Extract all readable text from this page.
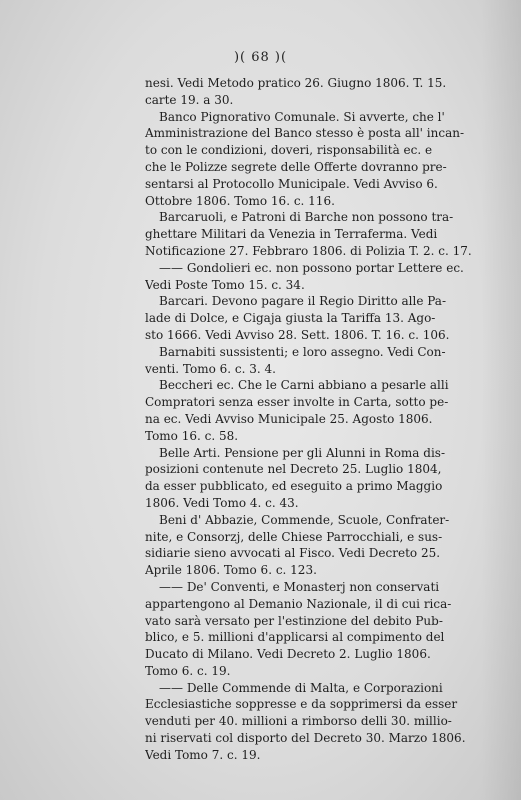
)( 68 )(
nesi. Vedi Metodo pratico 26. Giugno 1806. T. 15.
carte 19. a 30.
Banco Pignorativo Comunale. Si avverte, che l'
Amministrazione del Banco stesso è posta all' incan-
to con le condizioni, doveri, risponsabilità ec. e
che le Polizze segrete delle Offerte dovranno pre-
sentarsi al Protocollo Municipale. Vedi Avviso 6.
Ottobre 1806. Tomo 16. c. 116.
Barcaruoli, e Patroni di Barche non possono tra-
ghettare Militari da Venezia in Terraferma. Vedi
Notificazione 27. Febbraro 1806. di Polizia T. 2. c. 17.
—— Gondolieri ec. non possono portar Lettere ec.
Vedi Poste Tomo 15. c. 34.
Barcari. Devono pagare il Regio Diritto alle Pa-
lade di Dolce, e Cigaja giusta la Tariffa 13. Ago-
sto 1666. Vedi Avviso 28. Sett. 1806. T. 16. c. 106.
Barnabiti sussistenti; e loro assegno. Vedi Con-
venti. Tomo 6. c. 3. 4.
Beccheri ec. Che le Carni abbiano a pesarle alli
Compratori senza esser involte in Carta, sotto pe-
na ec. Vedi Avviso Municipale 25. Agosto 1806.
Tomo 16. c. 58.
Belle Arti. Pensione per gli Alunni in Roma dis-
posizioni contenute nel Decreto 25. Luglio 1804,
da esser pubblicato, ed eseguito a primo Maggio
1806. Vedi Tomo 4. c. 43.
Beni d' Abbazie, Commende, Scuole, Confrater-
nite, e Consorzj, delle Chiese Parrocchiali, e sus-
sidiarie sieno avvocati al Fisco. Vedi Decreto 25.
Aprile 1806. Tomo 6. c. 123.
—— De' Conventi, e Monasterj non conservati
appartengono al Demanio Nazionale, il di cui rica-
vato sarà versato per l'estinzione del debito Pub-
blico, e 5. millioni d'applicarsi al compimento del
Ducato di Milano. Vedi Decreto 2. Luglio 1806.
Tomo 6. c. 19.
—— Delle Commende di Malta, e Corporazioni
Ecclesiastiche soppresse e da sopprimersi da esser
venduti per 40. millioni a rimborso delli 30. millio-
ni riservati col disporto del Decreto 30. Marzo 1806.
Vedi Tomo 7. c. 19.
